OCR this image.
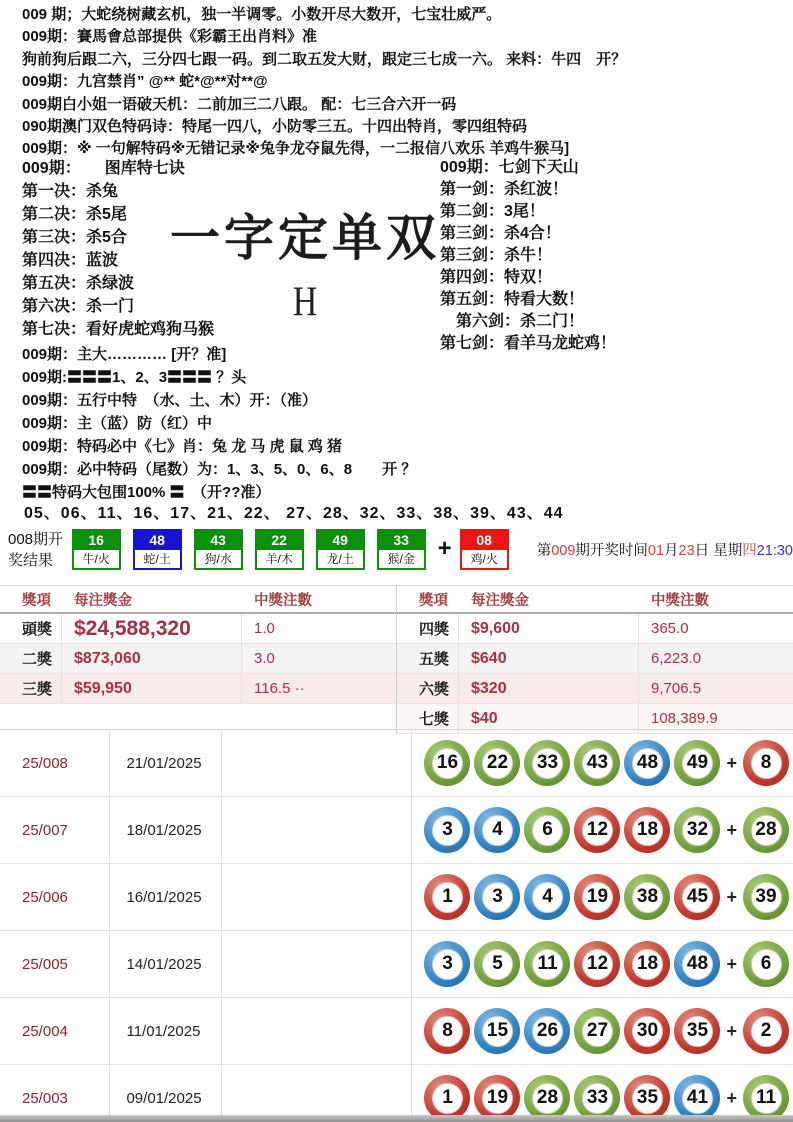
009 期；大蛇绕树藏玄机，独一半调零。小数开尽大数开，七宝壮威严。
009期：賽馬會总部提供《彩霸王出肖料》准
狗前狗后跟二六，三分四七跟一码。到二取五发大财，跟定三七成一六。 来料：牛四　开？
009期：九宫禁肖” @** 蛇*@**对**@
009期白小姐一语破天机：二前加三二八跟。 配：七三合六开一码
090期澳门双色特码诗：特尾一四八，小防零三五。十四出特肖，零四组特码
009期：※ 一句解特码※无错记录※兔争龙夺鼠先得，一二报信八欢乐 羊鸡牛猴马]
009期：　　图库特七诀
第一决：杀兔
第二决：杀5尾
第三决：杀5合
第四决：蓝波
第五决：杀绿波
第六决：杀一门
第七决：看好虎蛇鸡狗马猴
一字定单双
H
009期：七剑下天山
第一剑：杀红波！
第二剑：3尾！
第三剑：杀4合！
第三剑：杀牛！
第四剑：特双！
第五剑：特看大数！
　第六剑：杀二门！
第七剑：看羊马龙蛇鸡！
009期：主大………… [开？准]
009期:〓〓〓1、2、3〓〓〓 ？头
009期：五行中特　（水、土、木）开：（准）
009期：主（蓝）防（红）中
009期：特码必中《七》肖：兔 龙 马 虎 鼠 鸡 猪
009期：必中特码（尾数）为：1、3、5、0、6、8　　开 ？
〓〓特码大包围100% 〓　（开??准）
05、06、11、16、17、21、22、 27、28、32、33、38、39、43、44
008期开奖结果
16
牛/火
48
蛇/土
43
狗/水
22
羊/木
49
龙/土
33
猴/金 +	08
鸡/火	第009期开奖时间01月23日 星期四21:30
獎項	每注獎金	中獎注數
頭獎	$24,588,320	1.0
二獎	$873,060	3.0
三獎	$59,950	116.5 ··
獎項	每注獎金	中獎注數
四獎	$9,600	365.0
五獎	$640	6,223.0
六獎	$320	9,706.5
七獎	$40	108,389.9
25/008	21/01/2025	16 22 33 43 48 49 +	8
25/007	18/01/2025	3	4	6	12 18 32 + 28
25/006	16/01/2025	1	3	4	19 38 45 + 39
25/005	14/01/2025	3	5	11 12 18 48 +	6
25/004	11/01/2025	8	15 26 27 30 35 +	2
25/003	09/01/2025	1	19 28 33 35 41 + 11
